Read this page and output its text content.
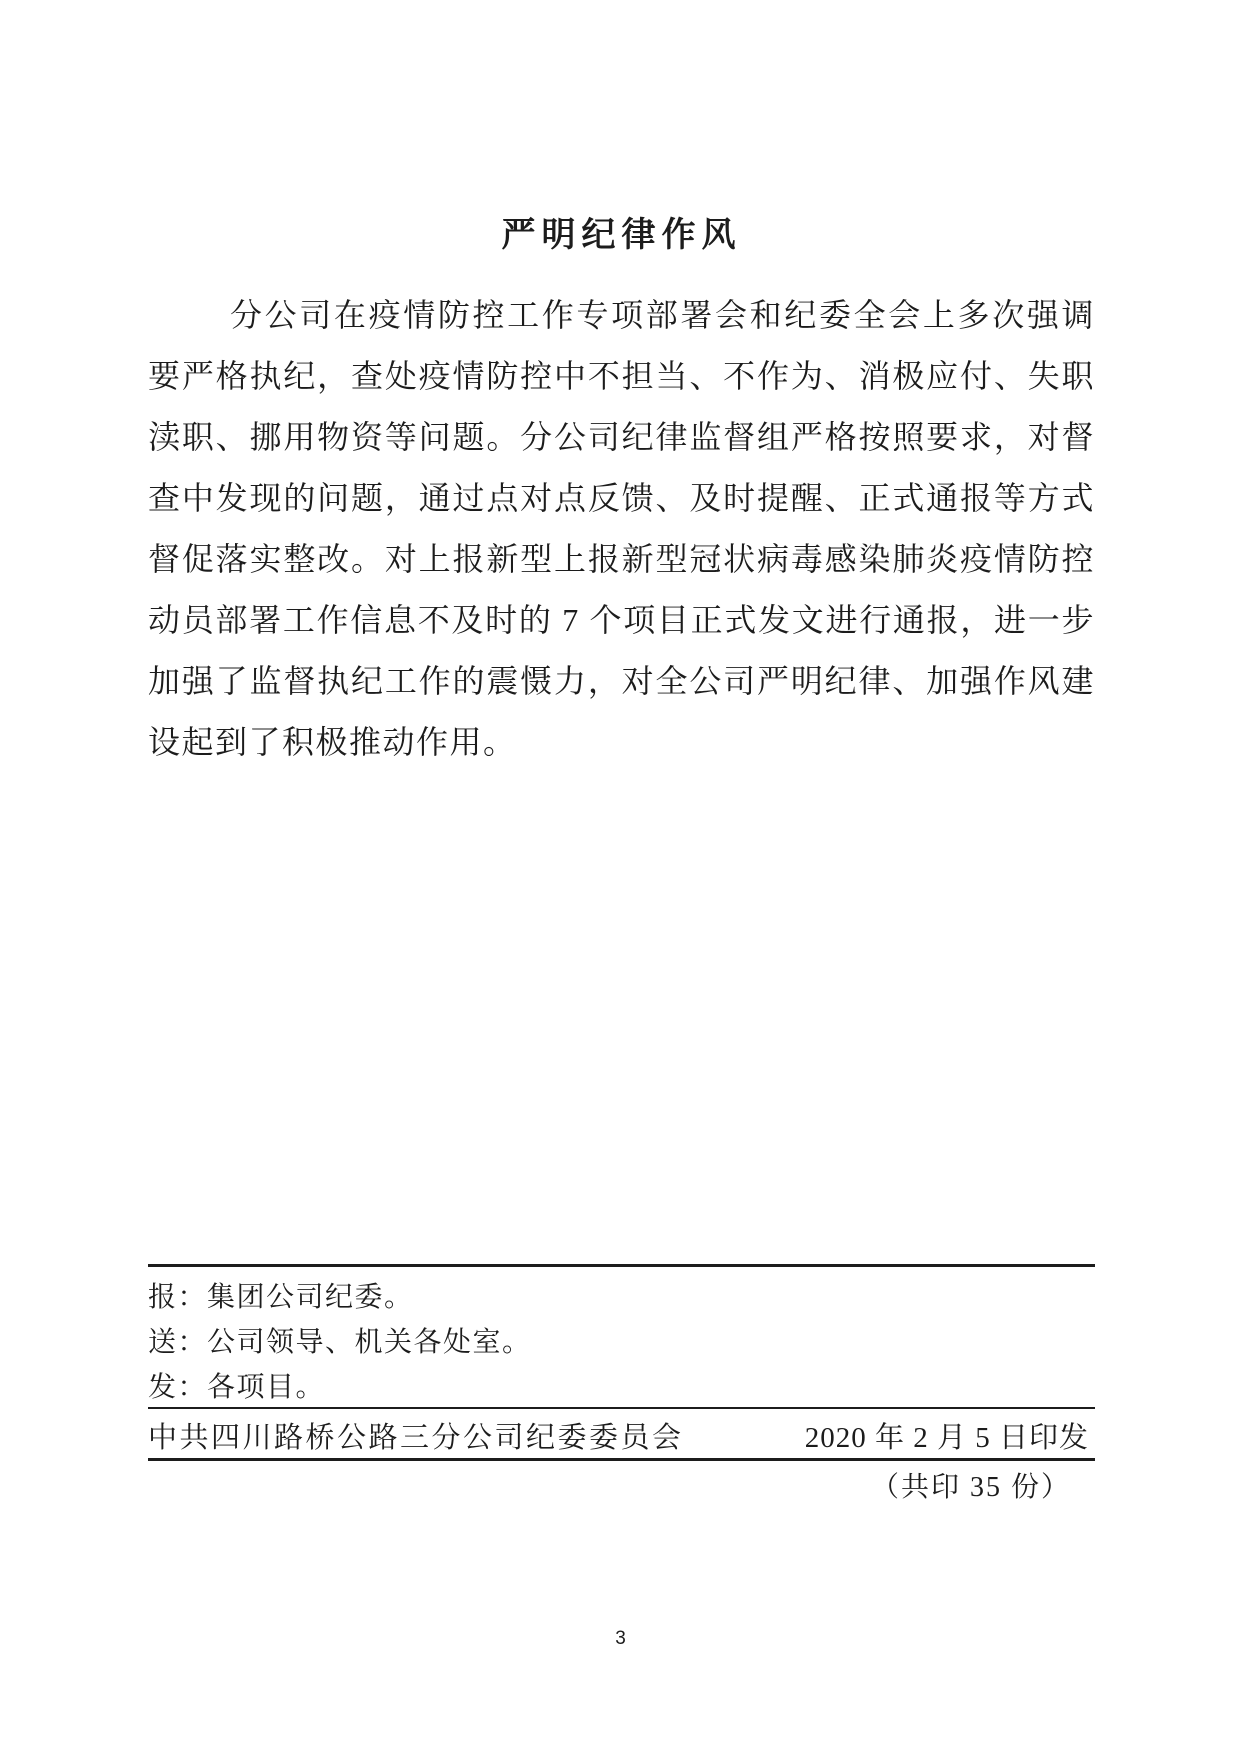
严明纪律作风
分公司在疫情防控工作专项部署会和纪委全会上多次强调
要严格执纪，查处疫情防控中不担当、不作为、消极应付、失职
渎职、挪用物资等问题。分公司纪律监督组严格按照要求，对督
查中发现的问题，通过点对点反馈、及时提醒、正式通报等方式
督促落实整改。对上报新型上报新型冠状病毒感染肺炎疫情防控
动员部署工作信息不及时的 7 个项目正式发文进行通报，进一步
加强了监督执纪工作的震慑力，对全公司严明纪律、加强作风建
设起到了积极推动作用。
报：集团公司纪委。
送：公司领导、机关各处室。
发：各项目。
中共四川路桥公路三分公司纪委委员会	2020 年 2 月 5 日印发
（共印 35 份）
3
